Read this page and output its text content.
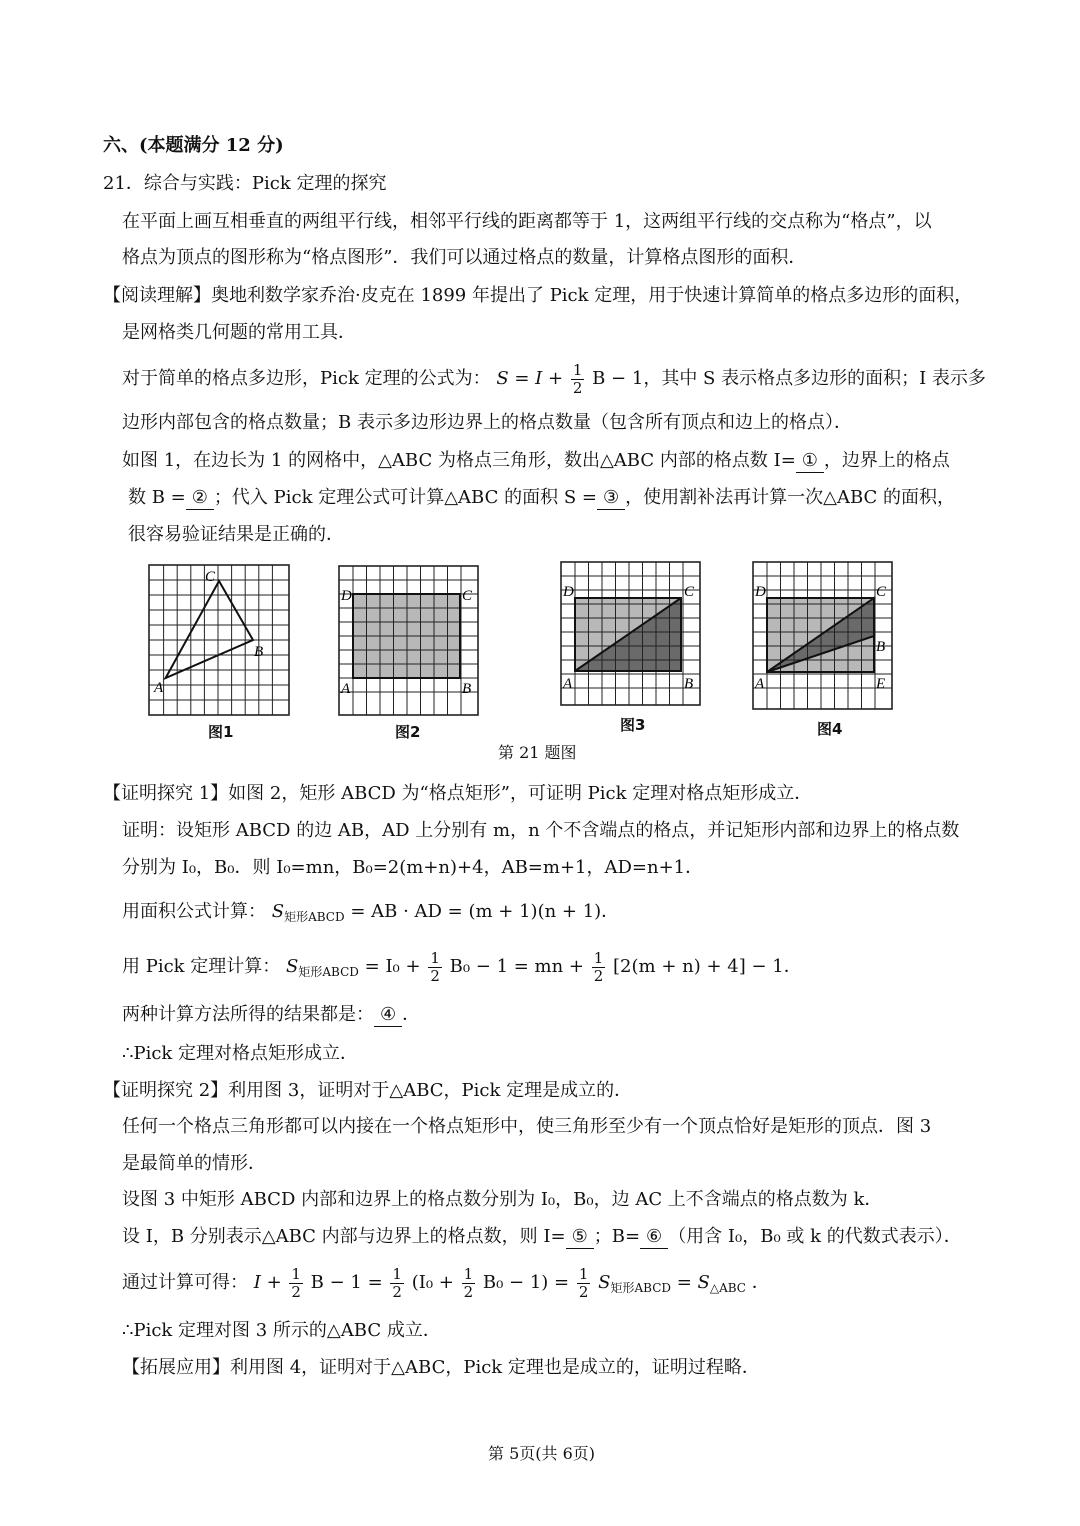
六、(本题满分 12 分)
21．综合与实践：Pick 定理的探究
在平面上画互相垂直的两组平行线，相邻平行线的距离都等于 1，这两组平行线的交点称为“格点”，以
格点为顶点的图形称为“格点图形”．我们可以通过格点的数量，计算格点图形的面积．
【阅读理解】奥地利数学家乔治·皮克在 1899 年提出了 Pick 定理，用于快速计算简单的格点多边形的面积，
是网格类几何题的常用工具．
对于简单的格点多边形，Pick 定理的公式为： $S = I + \frac{1}{2}$ B − 1，其中 S 表示格点多边形的面积；I 表示多
边形内部包含的格点数量；B 表示多边形边界上的格点数量（包含所有顶点和边上的格点）．
如图 1，在边长为 1 的网格中，△ABC 为格点三角形，数出△ABC 内部的格点数 I= ① ，边界上的格点
数 B = ② ；代入 Pick 定理公式可计算△ABC 的面积 S = ③ ，使用割补法再计算一次△ABC 的面积，
很容易验证结果是正确的．
A
B
C
图1
D	C
A	B
图2
D	C
A	B
图3
D	C
B
A	E
图4
第 21 题图
【证明探究 1】如图 2，矩形 ABCD 为“格点矩形”，可证明 Pick 定理对格点矩形成立．
证明：设矩形 ABCD 的边 AB，AD 上分别有 m，n 个不含端点的格点，并记矩形内部和边界上的格点数
分别为 I₀，B₀．则 I₀=mn，B₀=2(m+n)+4，AB=m+1，AD=n+1．
用面积公式计算： $S_{矩形ABCD}$ = AB · AD = (m + 1)(n + 1)．
用 Pick 定理计算： $S_{矩形ABCD} = I_0 + \frac{1}{2} B_0 - 1$ = mn + $\frac{1}{2} [2(m + n) + 4] - 1$．
两种计算方法所得的结果都是： ④ ．
∴Pick 定理对格点矩形成立．
【证明探究 2】利用图 3，证明对于△ABC，Pick 定理是成立的．
任何一个格点三角形都可以内接在一个格点矩形中，使三角形至少有一个顶点恰好是矩形的顶点．图 3
是最简单的情形．
设图 3 中矩形 ABCD 内部和边界上的格点数分别为 I₀，B₀，边 AC 上不含端点的格点数为 k．
设 I，B 分别表示△ABC 内部与边界上的格点数，则 I= ⑤ ；B= ⑥ （用含 I₀，B₀ 或 k 的代数式表示）．
通过计算可得： $I + \frac{1}{2}$ $B - 1 = \frac{1}{2} (I_0 + \frac{1}{2} B_0 - 1) = \frac{1}{2} S_{矩形ABCD} = S_{\triangle ABC}$ ．
∴Pick 定理对图 3 所示的△ABC 成立．
【拓展应用】利用图 4，证明对于△ABC，Pick 定理也是成立的，证明过程略．
第 5页(共 6页)
